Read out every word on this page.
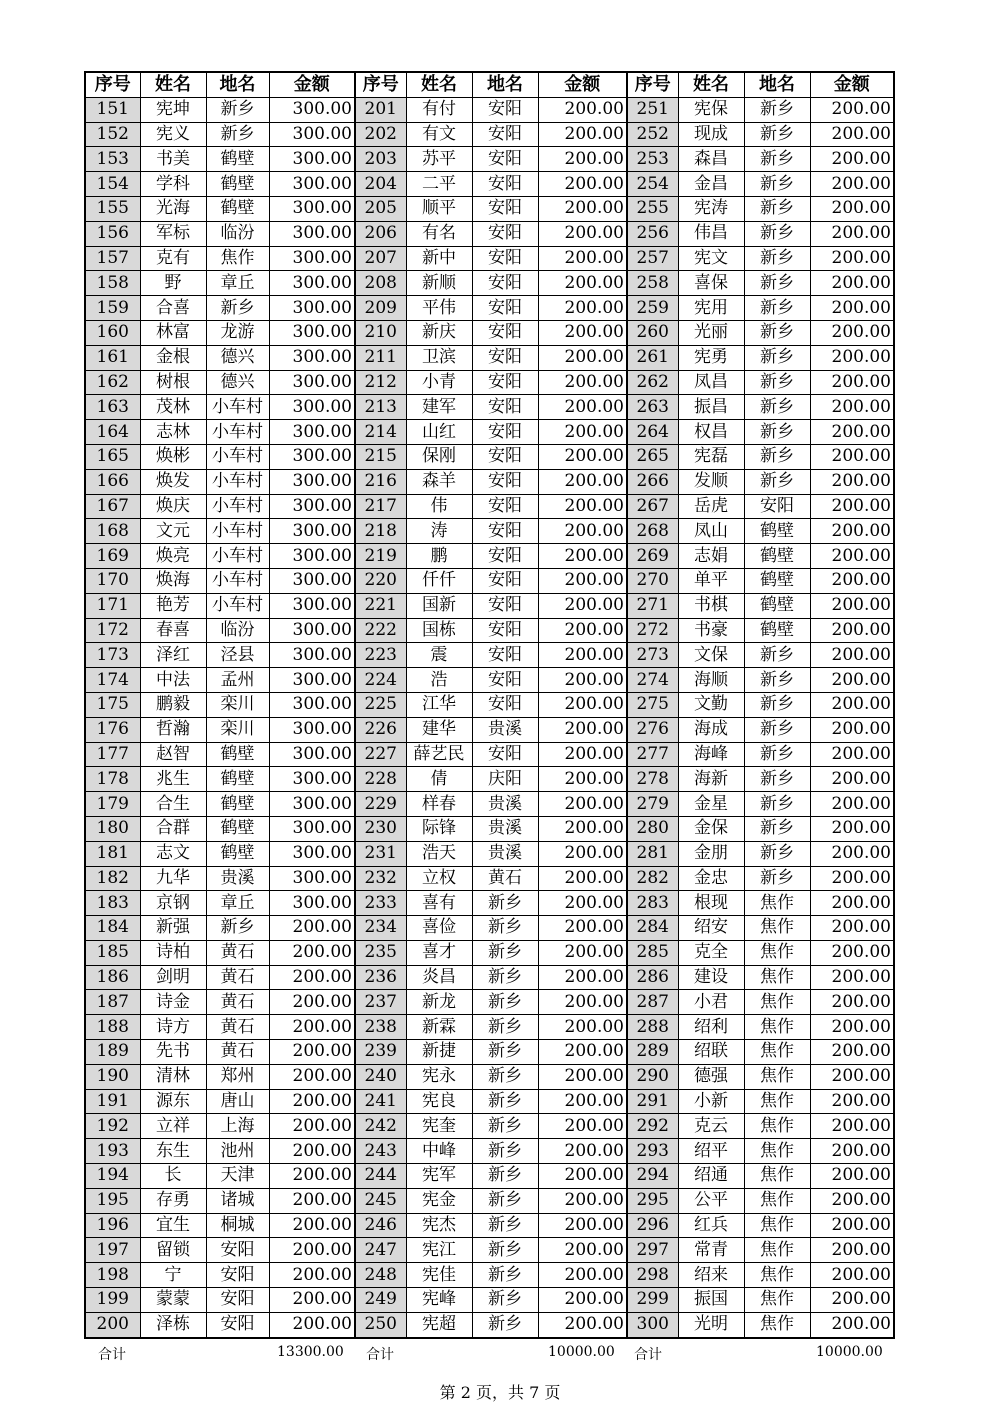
序号	姓名	地名	金额	序号	姓名	地名	金额	序号	姓名	地名	金额
151	宪坤	新乡	300.00	201	有付	安阳	200.00	251	宪保	新乡	200.00
152	宪义	新乡	300.00	202	有文	安阳	200.00	252	现成	新乡	200.00
153	书美	鹤壁	300.00	203	苏平	安阳	200.00	253	森昌	新乡	200.00
154	学科	鹤壁	300.00	204	二平	安阳	200.00	254	金昌	新乡	200.00
155	光海	鹤壁	300.00	205	顺平	安阳	200.00	255	宪涛	新乡	200.00
156	军标	临汾	300.00	206	有名	安阳	200.00	256	伟昌	新乡	200.00
157	克有	焦作	300.00	207	新中	安阳	200.00	257	宪文	新乡	200.00
158	野	章丘	300.00	208	新顺	安阳	200.00	258	喜保	新乡	200.00
159	合喜	新乡	300.00	209	平伟	安阳	200.00	259	宪用	新乡	200.00
160	林富	龙游	300.00	210	新庆	安阳	200.00	260	光丽	新乡	200.00
161	金根	德兴	300.00	211	卫滨	安阳	200.00	261	宪勇	新乡	200.00
162	树根	德兴	300.00	212	小青	安阳	200.00	262	凤昌	新乡	200.00
163	茂林	小车村	300.00	213	建军	安阳	200.00	263	振昌	新乡	200.00
164	志林	小车村	300.00	214	山红	安阳	200.00	264	权昌	新乡	200.00
165	焕彬	小车村	300.00	215	保刚	安阳	200.00	265	宪磊	新乡	200.00
166	焕发	小车村	300.00	216	森羊	安阳	200.00	266	发顺	新乡	200.00
167	焕庆	小车村	300.00	217	伟	安阳	200.00	267	岳虎	安阳	200.00
168	文元	小车村	300.00	218	涛	安阳	200.00	268	凤山	鹤壁	200.00
169	焕亮	小车村	300.00	219	鹏	安阳	200.00	269	志娟	鹤壁	200.00
170	焕海	小车村	300.00	220	仟仟	安阳	200.00	270	单平	鹤壁	200.00
171	艳芳	小车村	300.00	221	国新	安阳	200.00	271	书棋	鹤壁	200.00
172	春喜	临汾	300.00	222	国栋	安阳	200.00	272	书豪	鹤壁	200.00
173	泽红	泾县	300.00	223	震	安阳	200.00	273	文保	新乡	200.00
174	中法	孟州	300.00	224	浩	安阳	200.00	274	海顺	新乡	200.00
175	鹏毅	栾川	300.00	225	江华	安阳	200.00	275	文勤	新乡	200.00
176	哲瀚	栾川	300.00	226	建华	贵溪	200.00	276	海成	新乡	200.00
177	赵智	鹤壁	300.00	227	薛艺民	安阳	200.00	277	海峰	新乡	200.00
178	兆生	鹤壁	300.00	228	倩	庆阳	200.00	278	海新	新乡	200.00
179	合生	鹤壁	300.00	229	样春	贵溪	200.00	279	金星	新乡	200.00
180	合群	鹤壁	300.00	230	际锋	贵溪	200.00	280	金保	新乡	200.00
181	志文	鹤壁	300.00	231	浩天	贵溪	200.00	281	金朋	新乡	200.00
182	九华	贵溪	300.00	232	立权	黄石	200.00	282	金忠	新乡	200.00
183	京钢	章丘	300.00	233	喜有	新乡	200.00	283	根现	焦作	200.00
184	新强	新乡	200.00	234	喜俭	新乡	200.00	284	绍安	焦作	200.00
185	诗柏	黄石	200.00	235	喜才	新乡	200.00	285	克全	焦作	200.00
186	剑明	黄石	200.00	236	炎昌	新乡	200.00	286	建设	焦作	200.00
187	诗金	黄石	200.00	237	新龙	新乡	200.00	287	小君	焦作	200.00
188	诗方	黄石	200.00	238	新霖	新乡	200.00	288	绍利	焦作	200.00
189	先书	黄石	200.00	239	新捷	新乡	200.00	289	绍联	焦作	200.00
190	清林	郑州	200.00	240	宪永	新乡	200.00	290	德强	焦作	200.00
191	源东	唐山	200.00	241	宪良	新乡	200.00	291	小新	焦作	200.00
192	立祥	上海	200.00	242	宪奎	新乡	200.00	292	克云	焦作	200.00
193	东生	池州	200.00	243	中峰	新乡	200.00	293	绍平	焦作	200.00
194	长	天津	200.00	244	宪军	新乡	200.00	294	绍通	焦作	200.00
195	存勇	诸城	200.00	245	宪金	新乡	200.00	295	公平	焦作	200.00
196	宜生	桐城	200.00	246	宪杰	新乡	200.00	296	红兵	焦作	200.00
197	留锁	安阳	200.00	247	宪江	新乡	200.00	297	常青	焦作	200.00
198	宁	安阳	200.00	248	宪佳	新乡	200.00	298	绍来	焦作	200.00
199	蒙蒙	安阳	200.00	249	宪峰	新乡	200.00	299	振国	焦作	200.00
200	泽栋	安阳	200.00	250	宪超	新乡	200.00	300	光明	焦作	200.00
合计	13300.00 合计	10000.00 合计	10000.00
第 2 页，共 7 页
